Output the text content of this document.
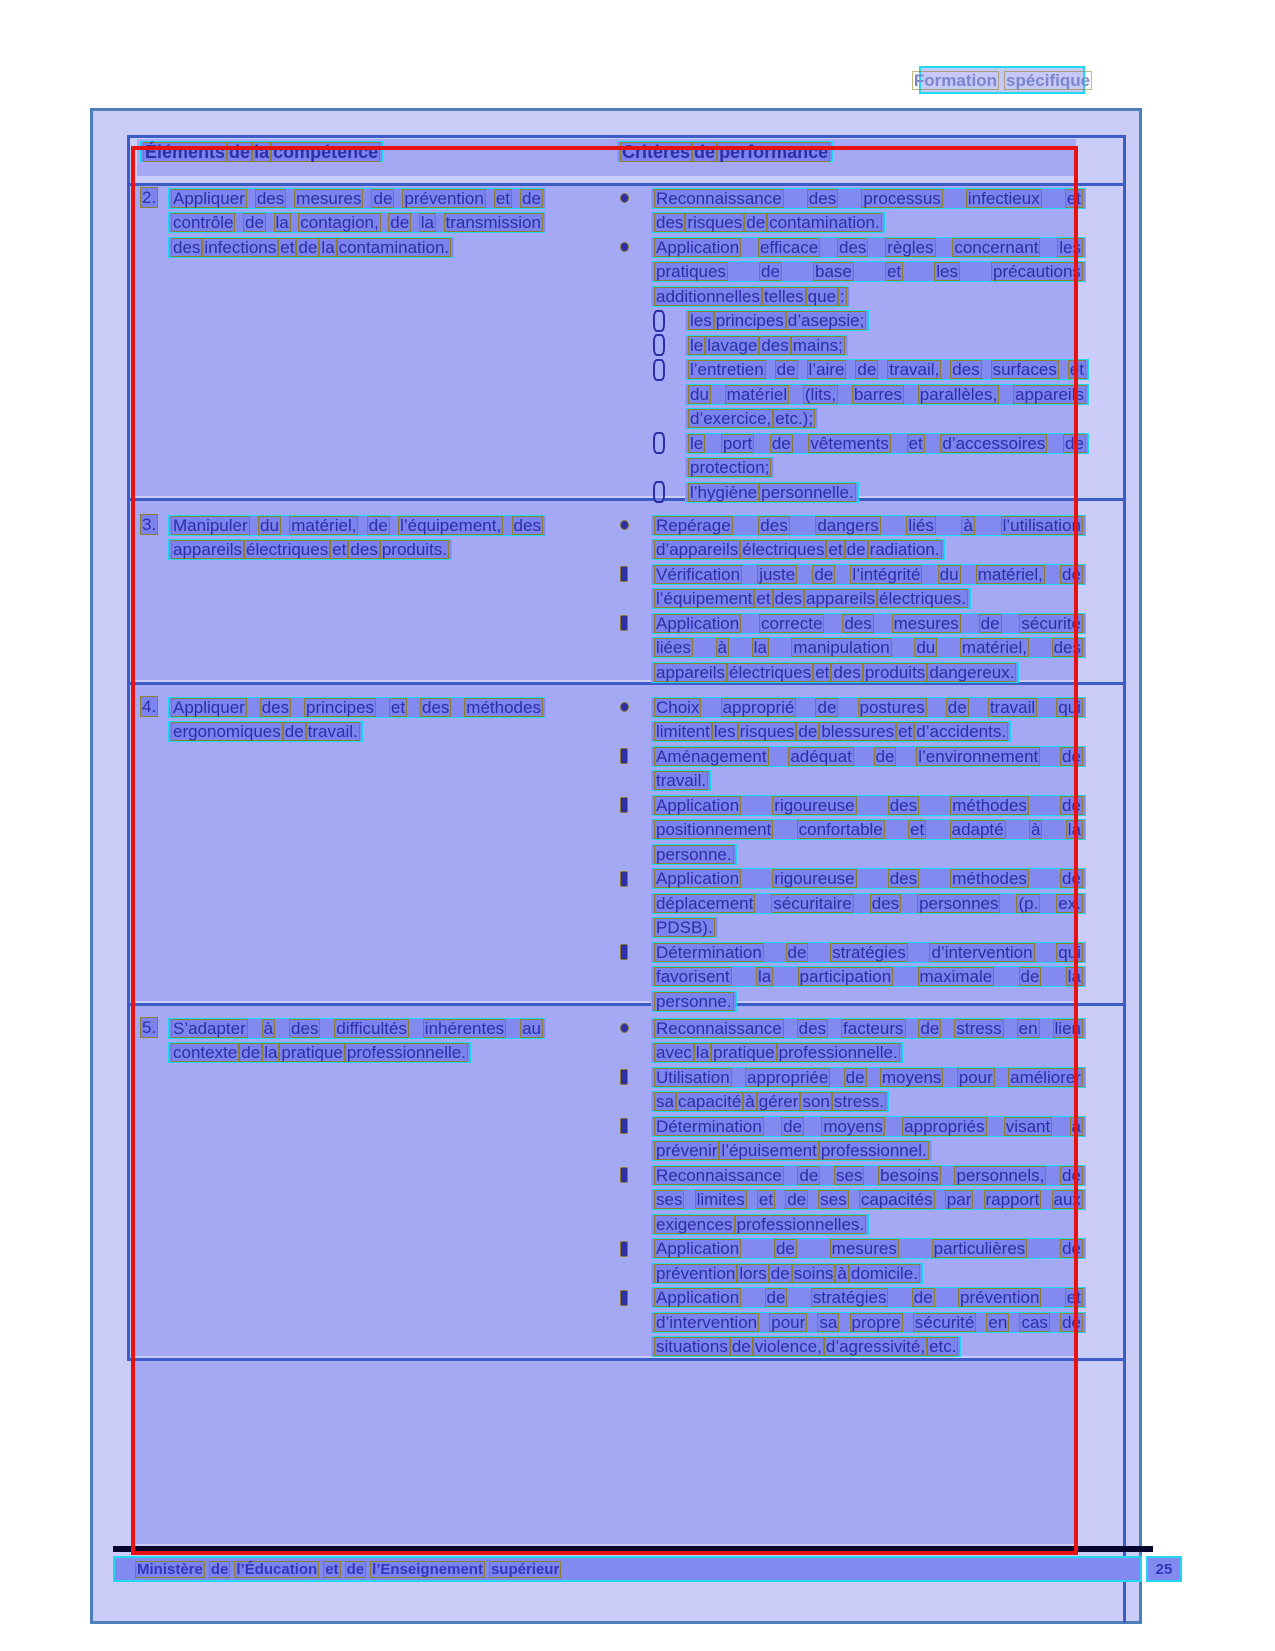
Formation spécifique
Éléments de la compétence	Critères de performance
2. Appliquer des mesures de prévention et de
contrôle de la contagion, de la transmission
des infections et de la contamination.
Reconnaissance des processus infectieux et
des risques de contamination.
Application efficace des règles concernant les
pratiques de base et les précautions
additionnelles telles que :
les principes d’asepsie;
le lavage des mains;
l’entretien de l’aire de travail, des surfaces et
du matériel (lits, barres parallèles, appareils
d’exercice, etc.);
le port de vêtements et d’accessoires de
protection;
l’hygiène personnelle.
3. Manipuler du matériel, de l’équipement, des
appareils électriques et des produits.
Repérage des dangers liés à l’utilisation
d’appareils électriques et de radiation.
Vérification juste de l’intégrité du matériel, de
l’équipement et des appareils électriques.
Application correcte des mesures de sécurité
liées à la manipulation du matériel, des
appareils électriques et des produits dangereux.
4. Appliquer des principes et des méthodes
ergonomiques de travail.
Choix approprié de postures de travail qui
limitent les risques de blessures et d’accidents.
Aménagement adéquat de l’environnement de
travail.
Application rigoureuse des méthodes de
positionnement confortable et adapté à la
personne.
Application rigoureuse des méthodes de
déplacement sécuritaire des personnes (p. ex.
PDSB).
Détermination de stratégies d’intervention qui
favorisent la participation maximale de la
personne.
5. S’adapter à des difficultés inhérentes au
contexte de la pratique professionnelle.
Reconnaissance des facteurs de stress en lien
avec la pratique professionnelle.
Utilisation appropriée de moyens pour améliorer
sa capacité à gérer son stress.
Détermination de moyens appropriés visant à
prévenir l’épuisement professionnel.
Reconnaissance de ses besoins personnels, de
ses limites et de ses capacités par rapport aux
exigences professionnelles.
Application de mesures particulières de
prévention lors de soins à domicile.
Application de stratégies de prévention et
d’intervention pour sa propre sécurité en cas de
situations de violence, d’agressivité, etc.
Ministère de l’Éducation et de l’Enseignement supérieur	25
